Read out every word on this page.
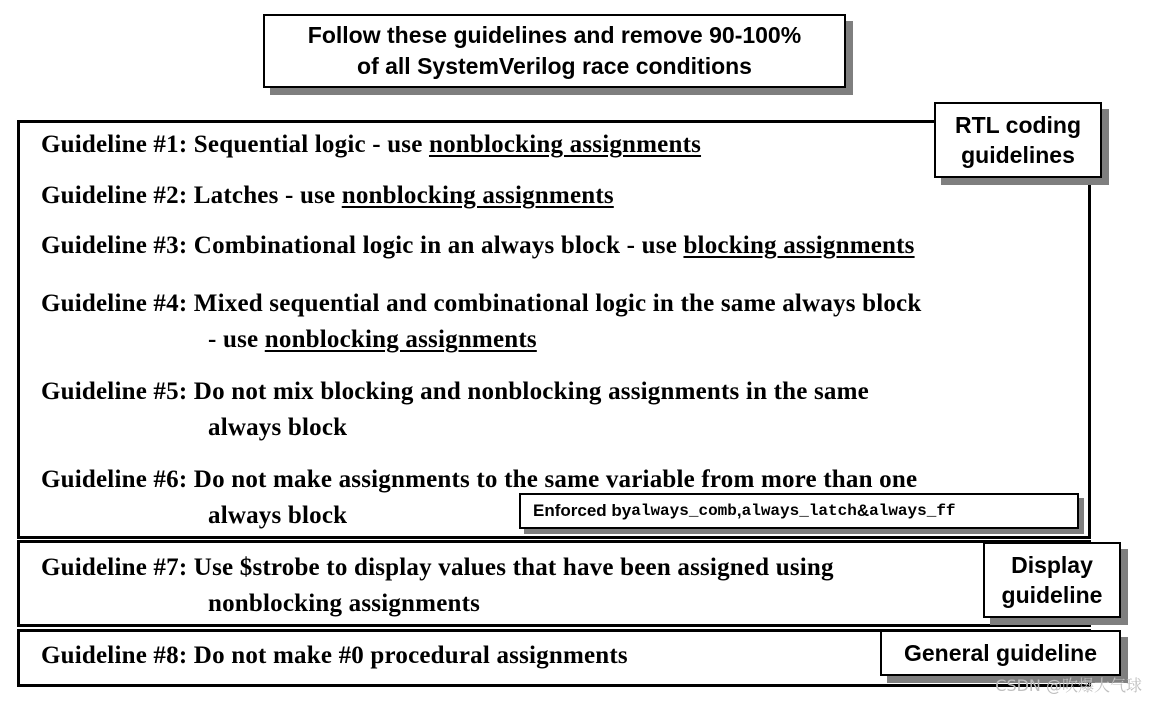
Follow these guidelines and remove 90-100%
of all SystemVerilog race conditions
Guideline #1: Sequential logic - use nonblocking assignments
Guideline #2: Latches - use nonblocking assignments
Guideline #3: Combinational logic in an always block - use blocking assignments
Guideline #4: Mixed sequential and combinational logic in the same always block
- use nonblocking assignments
Guideline #5: Do not mix blocking and nonblocking assignments in the same
always block
Guideline #6: Do not make assignments to the same variable from more than one
always block
Guideline #7: Use $strobe to display values that have been assigned using
nonblocking assignments
Guideline #8: Do not make #0 procedural assignments
RTL coding
guidelines
Display
guideline
General guideline
Enforced by always_comb , always_latch & always_ff
CSDN @吹爆大气球
